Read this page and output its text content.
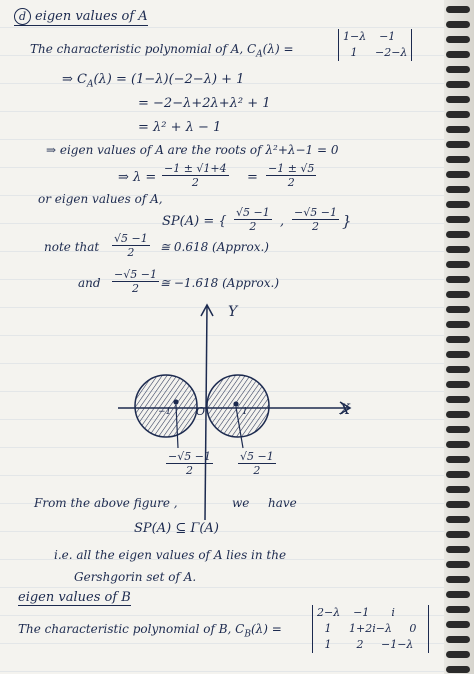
d eigen values of A
The characteristic polynomial of A, $C_A(\lambda)$ =
1−λ −1
1	−2−λ
⇒ $C_A(\lambda) = (1-\lambda)(-2-\lambda) + 1$
= −2−λ+2λ+λ² + 1
= λ² + λ − 1
⇒ eigen values of A are the roots of λ²+λ−1 = 0
⇒ $\lambda = \frac{-1 \pm √1+4}{2} = \frac{-1 \pm √5}{2}$
or eigen values of A,
SP(A) = { $\frac{√5 -1}{2}$ , $\frac{-√5 -1}{2}$ }
note that $\frac{√5 -1}{2}$ ≅ 0.618 (Approx.)
and $\frac{-√5 -1}{2}$ ≅ −1.618 (Approx.)
Y
X
O
−1	1
$\frac{-√5 -1}{2} \frac{√5 -1}{2}$
From the above figure ,	we have
SP(A) ⊆ Γ(A)
i.e. all the eigen values of A lies in the
Gershgorin set of A.
eigen values of B
The characteristic polynomial of B, $C_B(\lambda)$ =
2−λ −1	i
1	1+2i−λ	0
1	2	−1−λ
